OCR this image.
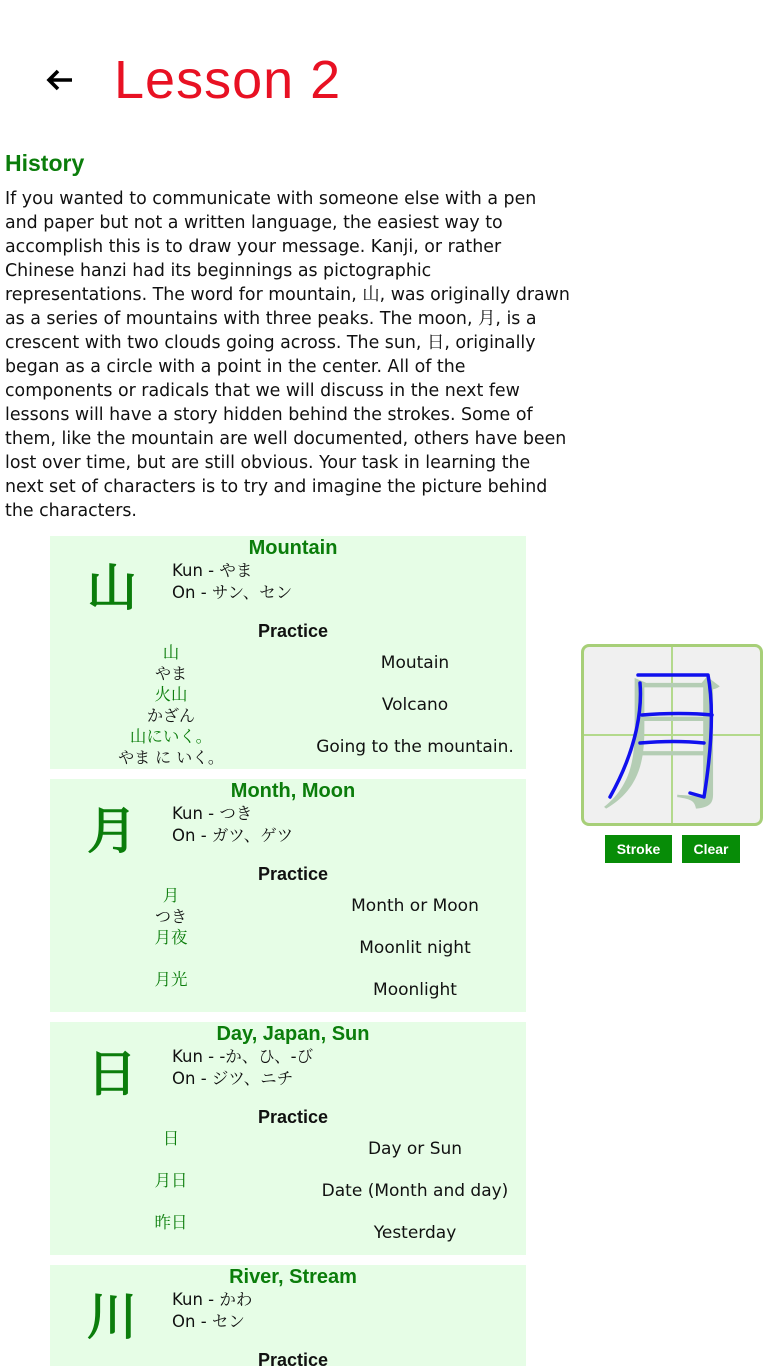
Lesson 2
History

If you wanted to communicate with someone else with a pen and paper but not a written language, the easiest way to accomplish this is to draw your message. Kanji, or rather Chinese hanzi had its beginnings as pictographic representations. The word for mountain, 山, was originally drawn as a series of mountains with three peaks. The moon, 月, is a crescent with two clouds going across. The sun, 日, originally began as a circle with a point in the center. All of the components or radicals that we will discuss in the next few lessons will have a story hidden behind the strokes. Some of them, like the mountain are well documented, others have been lost over time, but are still obvious. Your task in learning the next set of characters is to try and imagine the picture behind the characters.

Mountain
山 Kun - やま
On - サン、セン
Practice
山
やま
火山
かざん
山にいく。
やま に いく。
Moutain
Volcano
Going to the mountain.
Month, Moon
月 Kun - つき
On - ガツ、ゲツ
Practice
月
つき
月夜
月光
Month or Moon
Moonlit night
Moonlight
Day, Japan, Sun
日 Kun - -か、ひ、-び
On - ジツ、ニチ
Practice
日
月日
昨日
Day or Sun
Date (Month and day)
Yesterday
River, Stream
川 Kun - かわ
On - セン
Practice
月
Stroke	Clear
